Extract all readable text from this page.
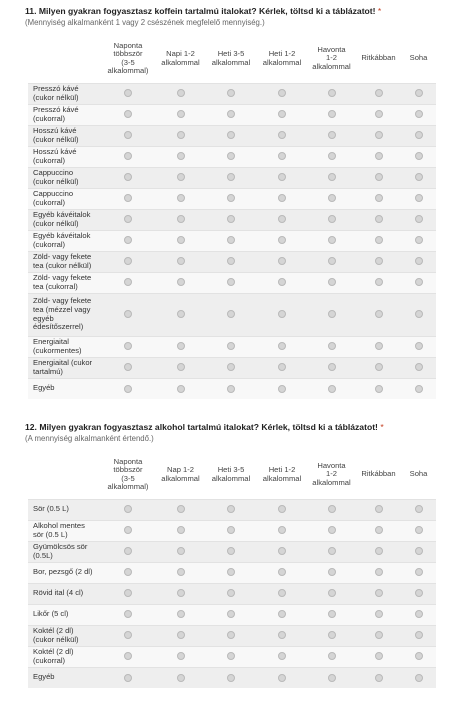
11. Milyen gyakran fogyasztasz koffein tartalmú italokat? Kérlek, töltsd ki a táblázatot! *
(Mennyiség alkalmanként 1 vagy 2 csészének megfelelő mennyiség.)
	Naponta
többször
(3-5
alkalommal)	Napi 1-2
alkalommal	Heti 3-5
alkalommal	Heti 1-2
alkalommal	Havonta
1-2
alkalommal	Ritkábban	Soha
Presszó kávé
(cukor nélkül)							
Presszó kávé
(cukorral)							
Hosszú kávé
(cukor nélkül)							
Hosszú kávé
(cukorral)							
Cappuccino
(cukor nélkül)							
Cappuccino
(cukorral)							
Egyéb kávéitalok
(cukor nélkül)							
Egyéb kávéitalok
(cukorral)							
Zöld- vagy fekete
tea (cukor nélkül)							
Zöld- vagy fekete
tea (cukorral)							
Zöld- vagy fekete
tea (mézzel vagy
egyéb
édesítőszerrel)							
Energiaital
(cukormentes)							
Energiaital (cukor
tartalmú)							
Egyéb							
12. Milyen gyakran fogyasztasz alkohol tartalmú italokat? Kérlek, töltsd ki a táblázatot! *
(A mennyiség alkalmanként értendő.)
	Naponta
többször
(3-5
alkalommal)	Nap 1-2
alkalommal	Heti 3-5
alkalommal	Heti 1-2
alkalommal	Havonta
1-2
alkalommal	Ritkábban	Soha
Sör (0.5 L)							
Alkohol mentes
sör (0.5 L)							
Gyümölcsös sör
(0.5L)							
Bor, pezsgő (2 dl)							
Rövid ital (4 cl)							
Likőr (5 cl)							
Koktél (2 dl)
(cukor nélkül)							
Koktél (2 dl)
(cukorral)							
Egyéb							
